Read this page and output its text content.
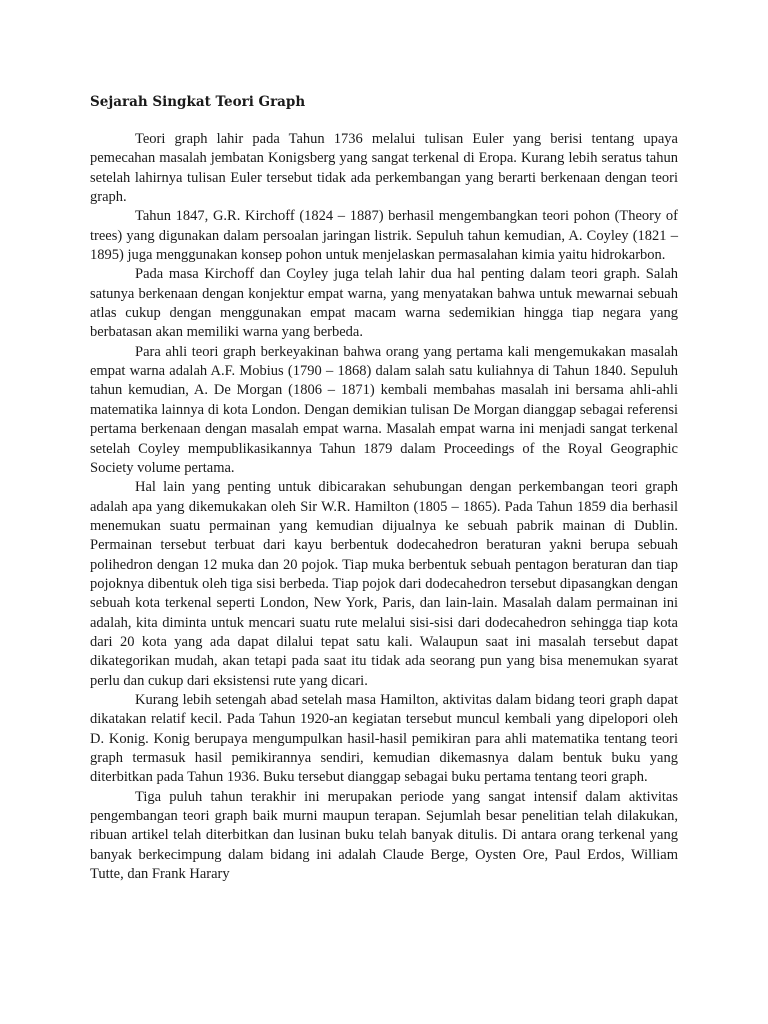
Sejarah Singkat Teori Graph

Teori graph lahir pada Tahun 1736 melalui tulisan Euler yang berisi tentang upaya pemecahan masalah jembatan Konigsberg yang sangat terkenal di Eropa. Kurang lebih seratus tahun setelah lahirnya tulisan Euler tersebut tidak ada perkembangan yang berarti berkenaan dengan teori graph.

Tahun 1847, G.R. Kirchoff (1824 – 1887) berhasil mengembangkan teori pohon (Theory of trees) yang digunakan dalam persoalan jaringan listrik. Sepuluh tahun kemudian, A. Coyley (1821 – 1895) juga menggunakan konsep pohon untuk menjelaskan permasalahan kimia yaitu hidrokarbon.

Pada masa Kirchoff dan Coyley juga telah lahir dua hal penting dalam teori graph. Salah satunya berkenaan dengan konjektur empat warna, yang menyatakan bahwa untuk mewarnai sebuah atlas cukup dengan menggunakan empat macam warna sedemikian hingga tiap negara yang berbatasan akan memiliki warna yang berbeda.

Para ahli teori graph berkeyakinan bahwa orang yang pertama kali mengemukakan masalah empat warna adalah A.F. Mobius (1790 – 1868) dalam salah satu kuliahnya di Tahun 1840. Sepuluh tahun kemudian, A. De Morgan (1806 – 1871) kembali membahas masalah ini bersama ahli-ahli matematika lainnya di kota London. Dengan demikian tulisan De Morgan dianggap sebagai referensi pertama berkenaan dengan masalah empat warna. Masalah empat warna ini menjadi sangat terkenal setelah Coyley mempublikasikannya Tahun 1879 dalam Proceedings of the Royal Geographic Society volume pertama.

Hal lain yang penting untuk dibicarakan sehubungan dengan perkembangan teori graph adalah apa yang dikemukakan oleh Sir W.R. Hamilton (1805 – 1865). Pada Tahun 1859 dia berhasil menemukan suatu permainan yang kemudian dijualnya ke sebuah pabrik mainan di Dublin. Permainan tersebut terbuat dari kayu berbentuk dodecahedron beraturan yakni berupa sebuah polihedron dengan 12 muka dan 20 pojok. Tiap muka berbentuk sebuah pentagon beraturan dan tiap pojoknya dibentuk oleh tiga sisi berbeda. Tiap pojok dari dodecahedron tersebut dipasangkan dengan sebuah kota terkenal seperti London, New York, Paris, dan lain-lain. Masalah dalam permainan ini adalah, kita diminta untuk mencari suatu rute melalui sisi-sisi dari dodecahedron sehingga tiap kota dari 20 kota yang ada dapat dilalui tepat satu kali. Walaupun saat ini masalah tersebut dapat dikategorikan mudah, akan tetapi pada saat itu tidak ada seorang pun yang bisa menemukan syarat perlu dan cukup dari eksistensi rute yang dicari.

Kurang lebih setengah abad setelah masa Hamilton, aktivitas dalam bidang teori graph dapat dikatakan relatif kecil. Pada Tahun 1920-an kegiatan tersebut muncul kembali yang dipelopori oleh D. Konig. Konig berupaya mengumpulkan hasil-hasil pemikiran para ahli matematika tentang teori graph termasuk hasil pemikirannya sendiri, kemudian dikemasnya dalam bentuk buku yang diterbitkan pada Tahun 1936. Buku tersebut dianggap sebagai buku pertama tentang teori graph.

Tiga puluh tahun terakhir ini merupakan periode yang sangat intensif dalam aktivitas pengembangan teori graph baik murni maupun terapan. Sejumlah besar penelitian telah dilakukan, ribuan artikel telah diterbitkan dan lusinan buku telah banyak ditulis. Di antara orang terkenal yang banyak berkecimpung dalam bidang ini adalah Claude Berge, Oysten Ore, Paul Erdos, William Tutte, dan Frank Harary
